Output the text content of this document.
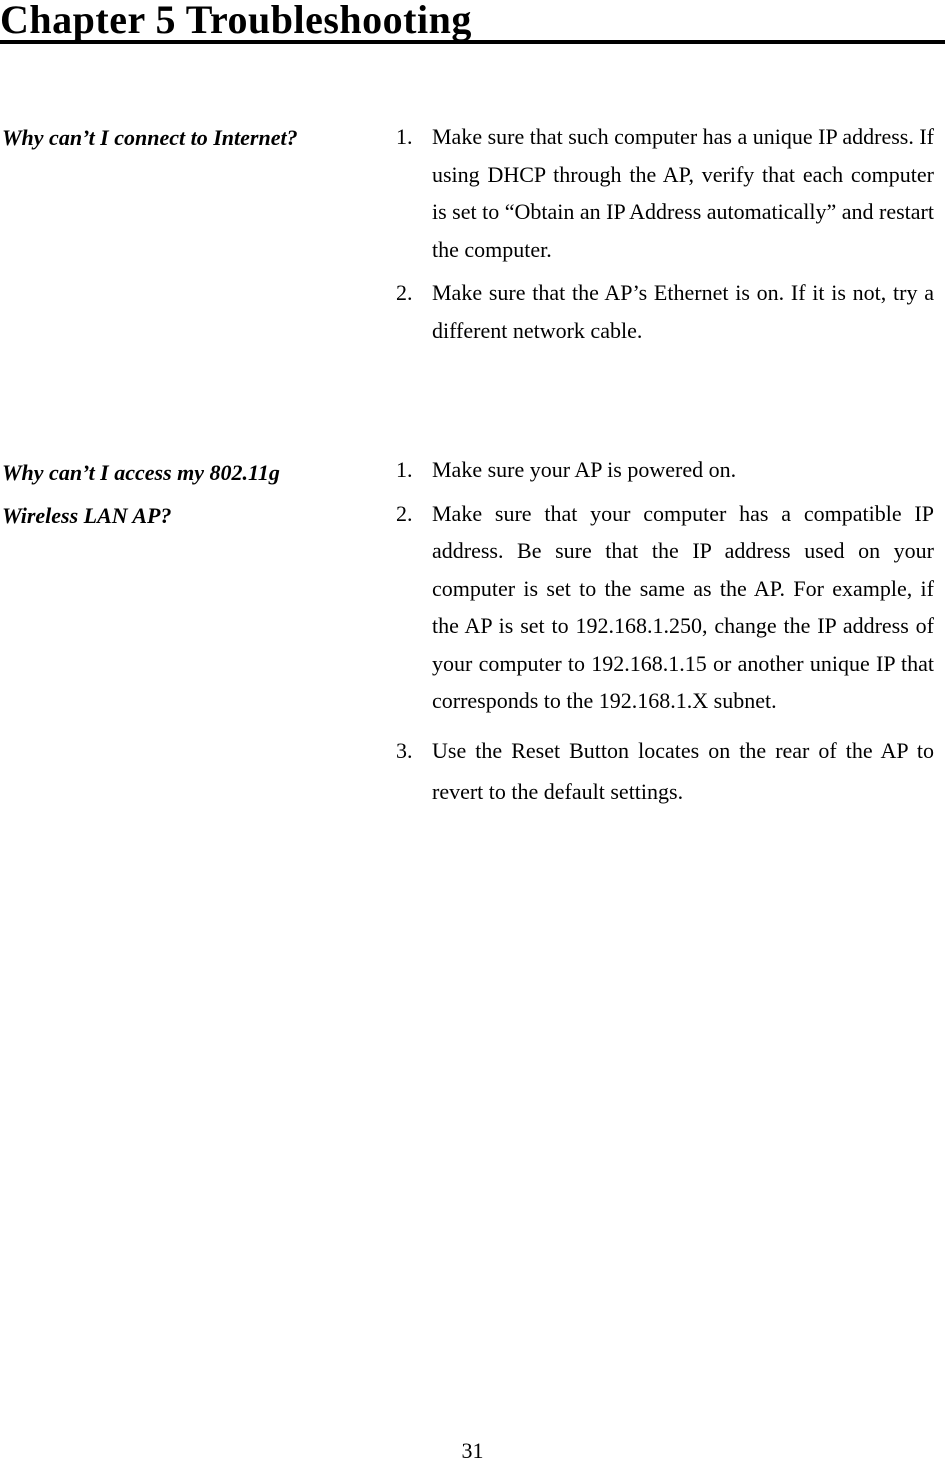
Chapter 5 Troubleshooting
Why can’t I connect to Internet?	1. Make sure that such computer has a unique IP address. If using DHCP through the AP, verify that each computer is set to “Obtain an IP Address automatically” and restart the computer.
2. Make sure that the AP’s Ethernet is on. If it is not, try a different network cable.
Why can’t I access my 802.11g
Wireless LAN AP?
1. Make sure your AP is powered on.
2. Make sure that your computer has a compatible IP address. Be sure that the IP address used on your computer is set to the same as the AP. For example, if the AP is set to 192.168.1.250, change the IP address of your computer to 192.168.1.15 or another unique IP that corresponds to the 192.168.1.X subnet.
3. Use the Reset Button locates on the rear of the AP to revert to the default settings.
31
